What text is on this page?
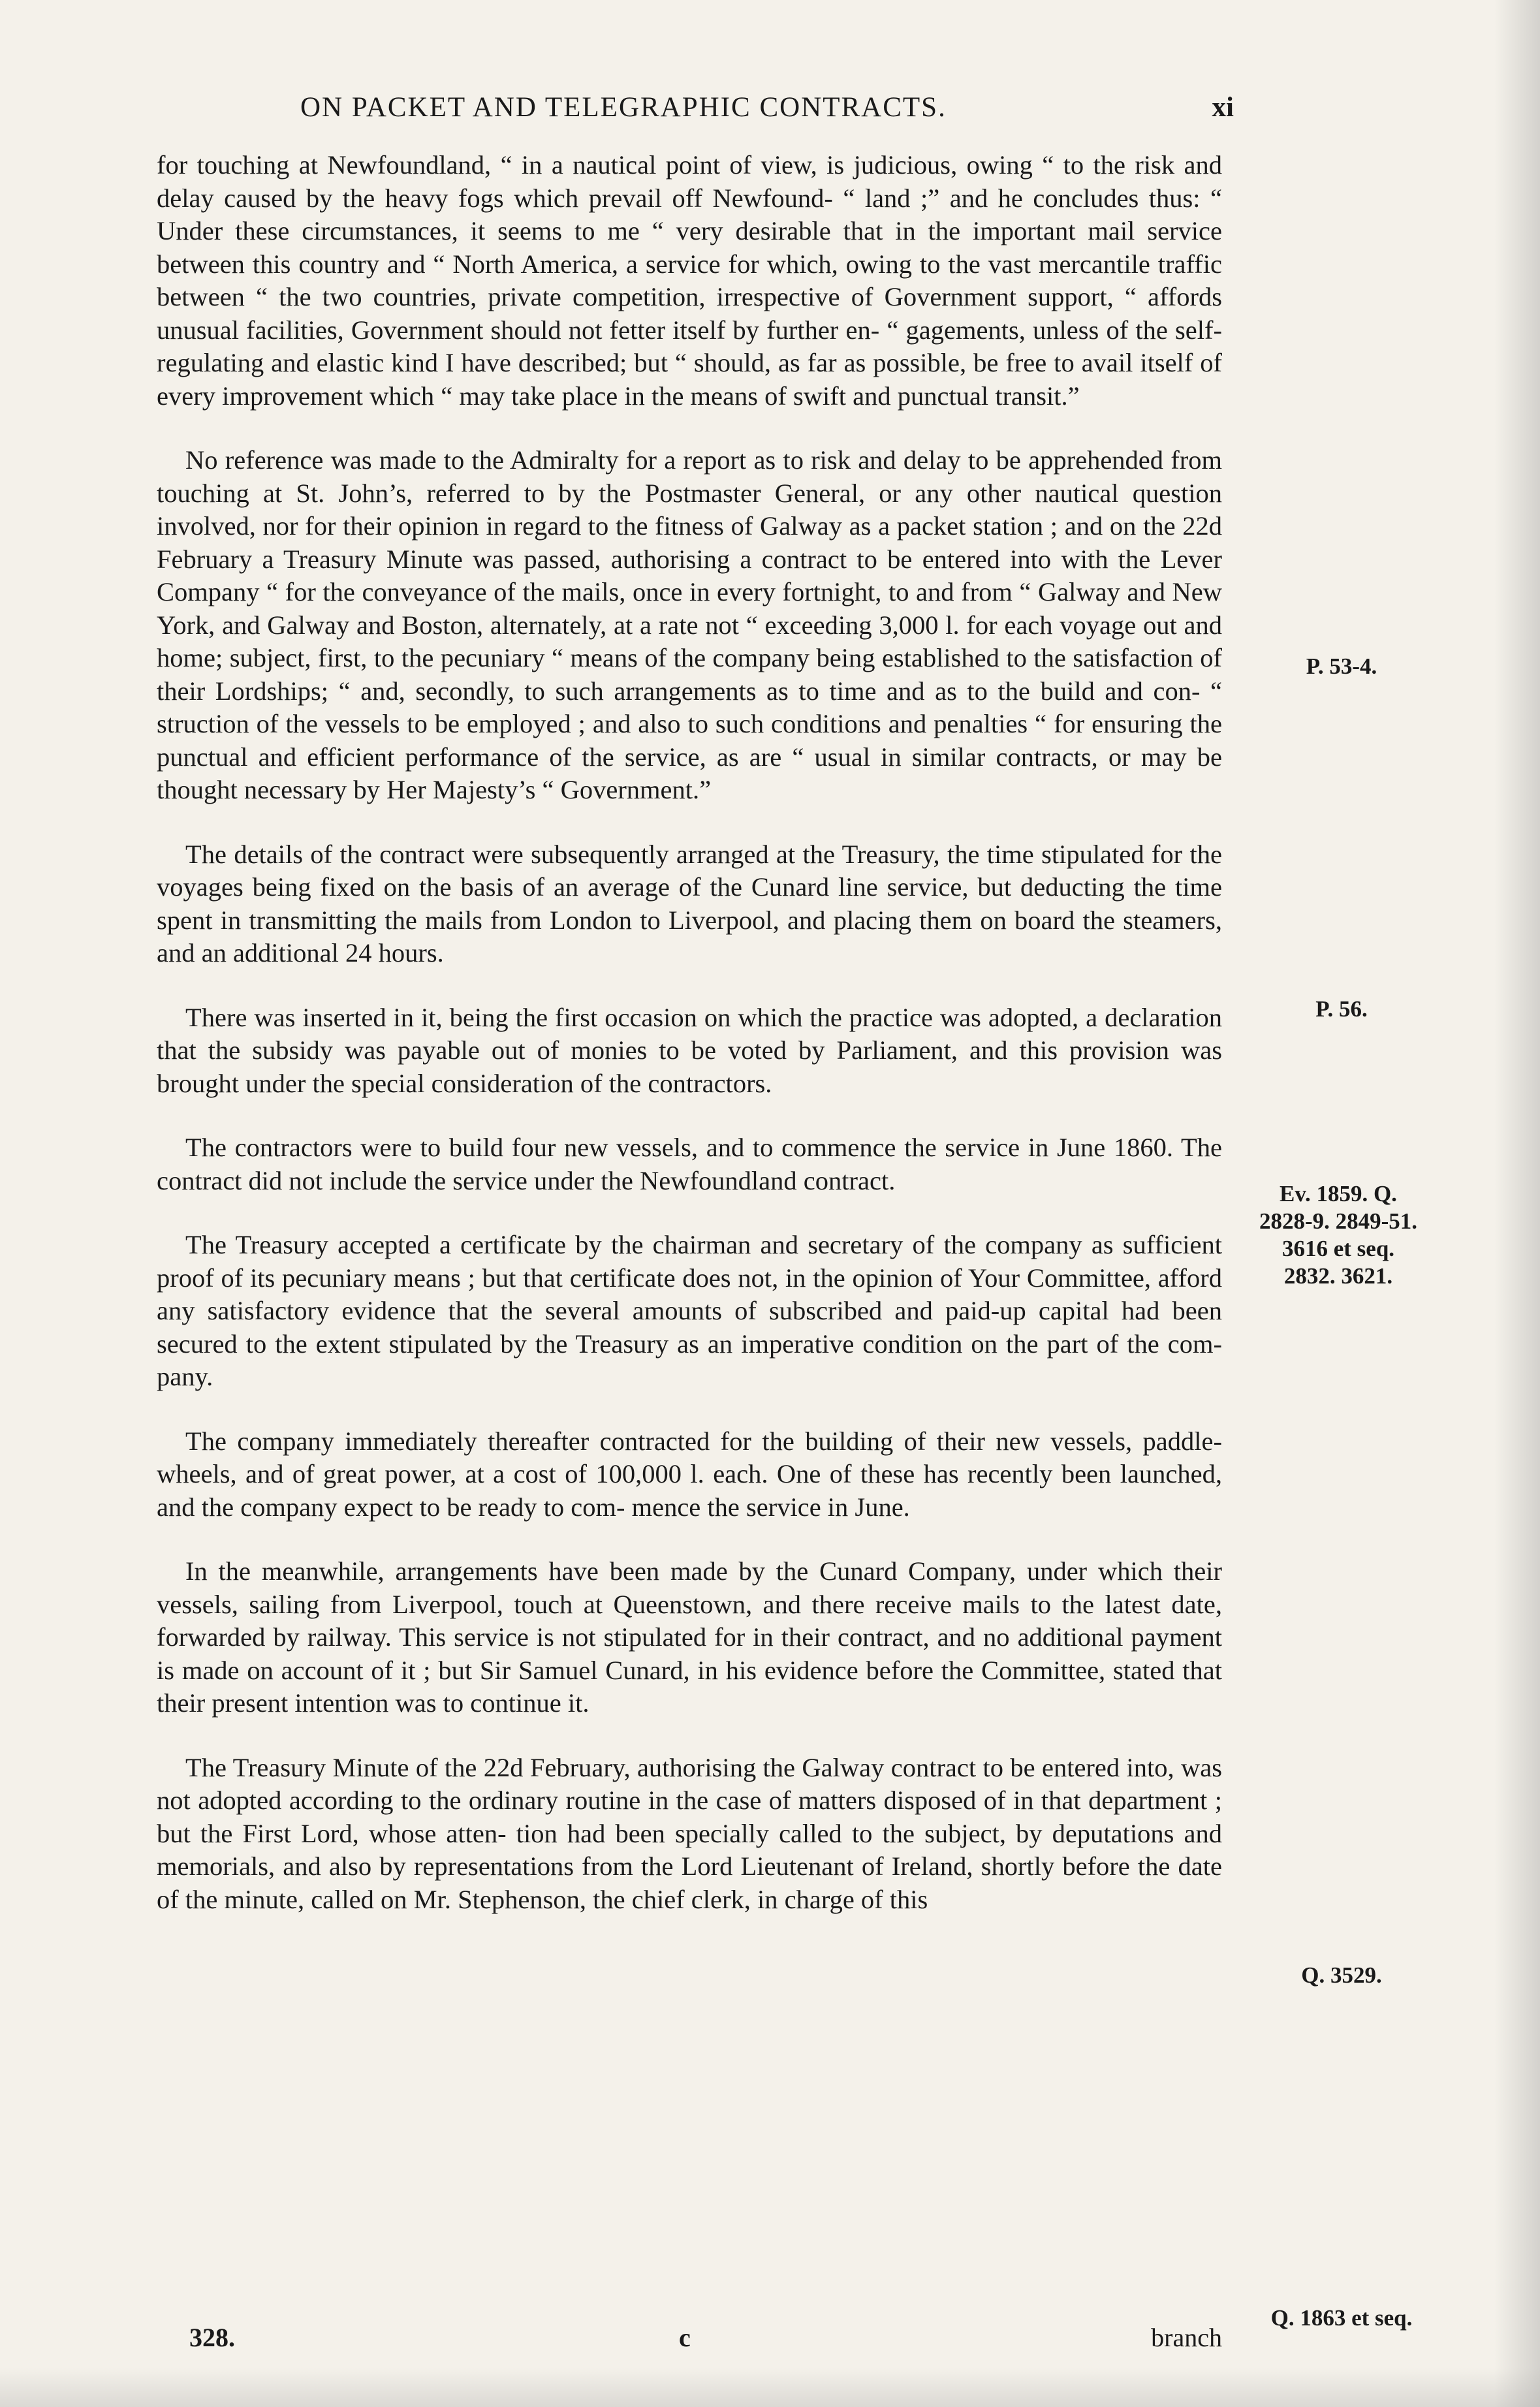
ON PACKET AND TELEGRAPHIC CONTRACTS.	xi

for touching at Newfoundland, “ in a nautical point of view, is judicious, owing “ to the risk and delay caused by the heavy fogs which prevail off Newfound- “ land ;” and he concludes thus: “ Under these circumstances, it seems to me “ very desirable that in the important mail service between this country and “ North America, a service for which, owing to the vast mercantile traffic between “ the two countries, private competition, irrespective of Government support, “ affords unusual facilities, Government should not fetter itself by further en- “ gagements, unless of the self-regulating and elastic kind I have described; but “ should, as far as possible, be free to avail itself of every improvement which “ may take place in the means of swift and punctual transit.”

No reference was made to the Admiralty for a report as to risk and delay to be apprehended from touching at St. John’s, referred to by the Postmaster General, or any other nautical question involved, nor for their opinion in regard to the fitness of Galway as a packet station ; and on the 22d February a Treasury Minute was passed, authorising a contract to be entered into with the Lever Company “ for the conveyance of the mails, once in every fortnight, to and from “ Galway and New York, and Galway and Boston, alternately, at a rate not “ exceeding 3,000 l. for each voyage out and home; subject, first, to the pecuniary “ means of the company being established to the satisfaction of their Lordships; “ and, secondly, to such arrangements as to time and as to the build and con- “ struction of the vessels to be employed ; and also to such conditions and penalties “ for ensuring the punctual and efficient performance of the service, as are “ usual in similar contracts, or may be thought necessary by Her Majesty’s “ Government.”

The details of the contract were subsequently arranged at the Treasury, the time stipulated for the voyages being fixed on the basis of an average of the Cunard line service, but deducting the time spent in transmitting the mails from London to Liverpool, and placing them on board the steamers, and an additional 24 hours.

There was inserted in it, being the first occasion on which the practice was adopted, a declaration that the subsidy was payable out of monies to be voted by Parliament, and this provision was brought under the special consideration of the contractors.

The contractors were to build four new vessels, and to commence the service in June 1860. The contract did not include the service under the Newfoundland contract.

The Treasury accepted a certificate by the chairman and secretary of the company as sufficient proof of its pecuniary means ; but that certificate does not, in the opinion of Your Committee, afford any satisfactory evidence that the several amounts of subscribed and paid-up capital had been secured to the extent stipulated by the Treasury as an imperative condition on the part of the com- pany.

The company immediately thereafter contracted for the building of their new vessels, paddle-wheels, and of great power, at a cost of 100,000 l. each. One of these has recently been launched, and the company expect to be ready to com- mence the service in June.

In the meanwhile, arrangements have been made by the Cunard Company, under which their vessels, sailing from Liverpool, touch at Queenstown, and there receive mails to the latest date, forwarded by railway. This service is not stipulated for in their contract, and no additional payment is made on account of it ; but Sir Samuel Cunard, in his evidence before the Committee, stated that their present intention was to continue it.

The Treasury Minute of the 22d February, authorising the Galway contract to be entered into, was not adopted according to the ordinary routine in the case of matters disposed of in that department ; but the First Lord, whose atten- tion had been specially called to the subject, by deputations and memorials, and also by representations from the Lord Lieutenant of Ireland, shortly before the date of the minute, called on Mr. Stephenson, the chief clerk, in charge of this

P. 53-4.
P. 56.
Ev. 1859. Q. 2828-9. 2849-51. 3616 et seq. 2832. 3621.
Q. 3529.
Q. 1863 et seq.
328.	c	branch
